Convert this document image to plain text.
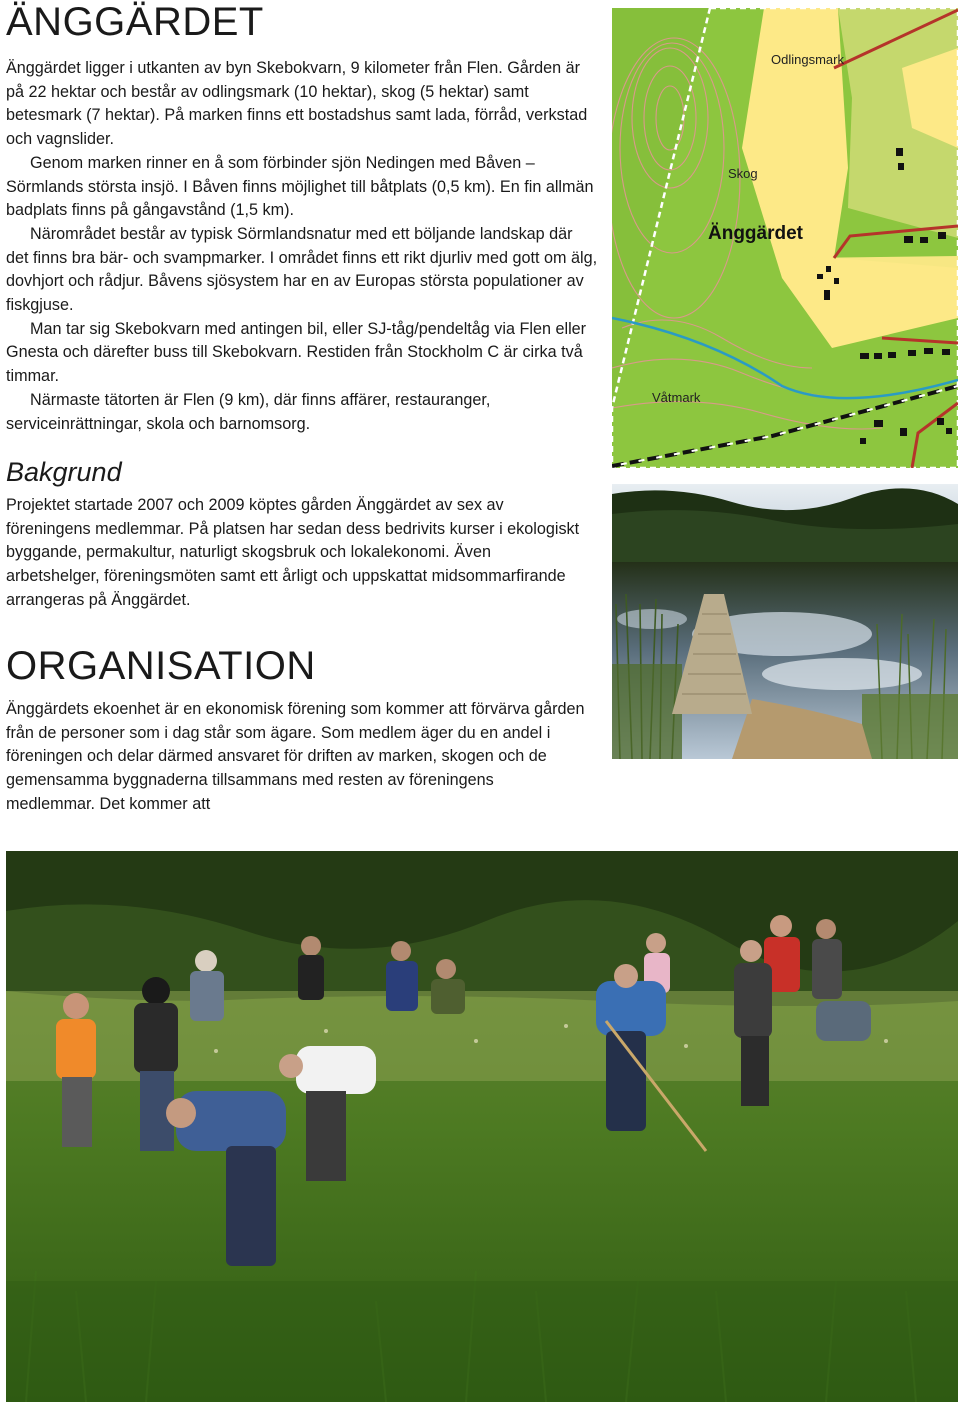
ÄNGGÄRDET

Änggärdet ligger i utkanten av byn Skebokvarn, 9 kilometer från Flen. Gården är på 22 hektar och består av odlingsmark (10 hektar), skog (5 hektar) samt betesmark (7 hektar). På marken finns ett bostadshus samt lada, förråd, verkstad och vagnslider.

Genom marken rinner en å som förbinder sjön Nedingen med Båven – Sörmlands största insjö. I Båven finns möjlighet till båtplats (0,5 km). En fin allmän badplats finns på gångavstånd (1,5 km).

Närområdet består av typisk Sörmlandsnatur med ett böljande landskap där det finns bra bär- och svampmarker. I området finns ett rikt djurliv med gott om älg, dovhjort och rådjur. Båvens sjösystem har en av Europas största populationer av fiskgjuse.

Man tar sig Skebokvarn med antingen bil, eller SJ-tåg/pendeltåg via Flen eller Gnesta och därefter buss till Skebokvarn. Restiden från Stockholm C är cirka två timmar.

Närmaste tätorten är Flen (9 km), där finns affärer, restauranger, serviceinrättningar, skola och barnomsorg.

Bakgrund

Projektet startade 2007 och 2009 köptes gården Änggärdet av sex av föreningens medlemmar. På platsen har sedan dess bedrivits kurser i ekologiskt byggande, permakultur, naturligt skogsbruk och lokalekonomi. Även arbetshelger, föreningsmöten samt ett årligt och uppskattat midsommarfirande arrangeras på Änggärdet.

ORGANISATION

Änggärdets ekoenhet är en ekonomisk förening som kommer att förvärva gården från de personer som i dag står som ägare. Som medlem äger du en andel i föreningen och delar därmed ansvaret för driften av marken, skogen och de gemensamma byggnaderna tillsammans med resten av föreningens medlemmar. Det kommer att

Odlingsmark
Skog
Änggärdet
Våtmark
